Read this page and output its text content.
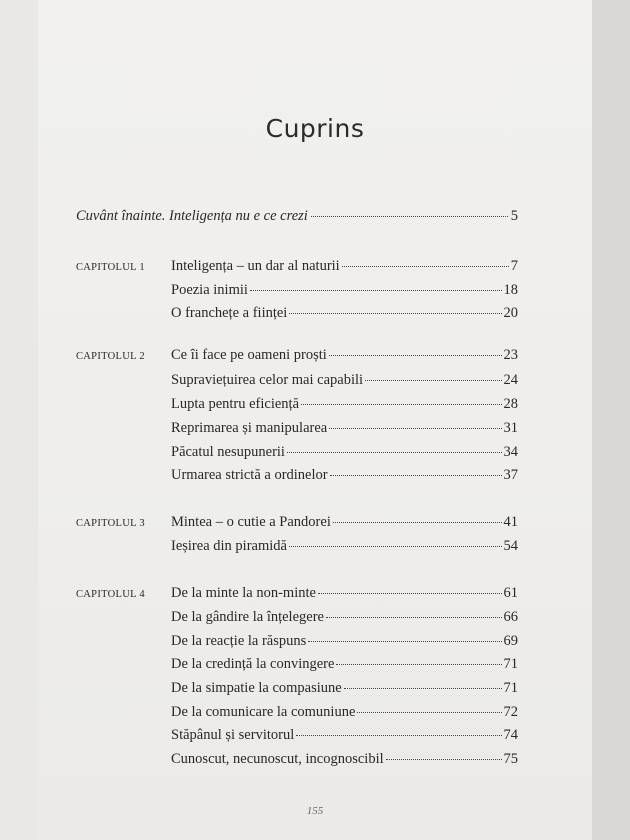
Cuprins
Cuvânt înainte. Inteligența nu e ce crezi	5
CAPITOLUL 1 Inteligența – un dar al naturii	7
Poezia inimii	18
O franchețe a ființei	20
CAPITOLUL 2 Ce îi face pe oameni proști	23
Supraviețuirea celor mai capabili	24
Lupta pentru eficiență	28
Reprimarea și manipularea	31
Păcatul nesupunerii	34
Urmarea strictă a ordinelor	37
CAPITOLUL 3 Mintea – o cutie a Pandorei	41
Ieșirea din piramidă	54
CAPITOLUL 4 De la minte la non-minte	61
De la gândire la înțelegere	66
De la reacție la răspuns	69
De la credință la convingere	71
De la simpatie la compasiune	71
De la comunicare la comuniune	72
Stăpânul și servitorul	74
Cunoscut, necunoscut, incognoscibil	75
155
